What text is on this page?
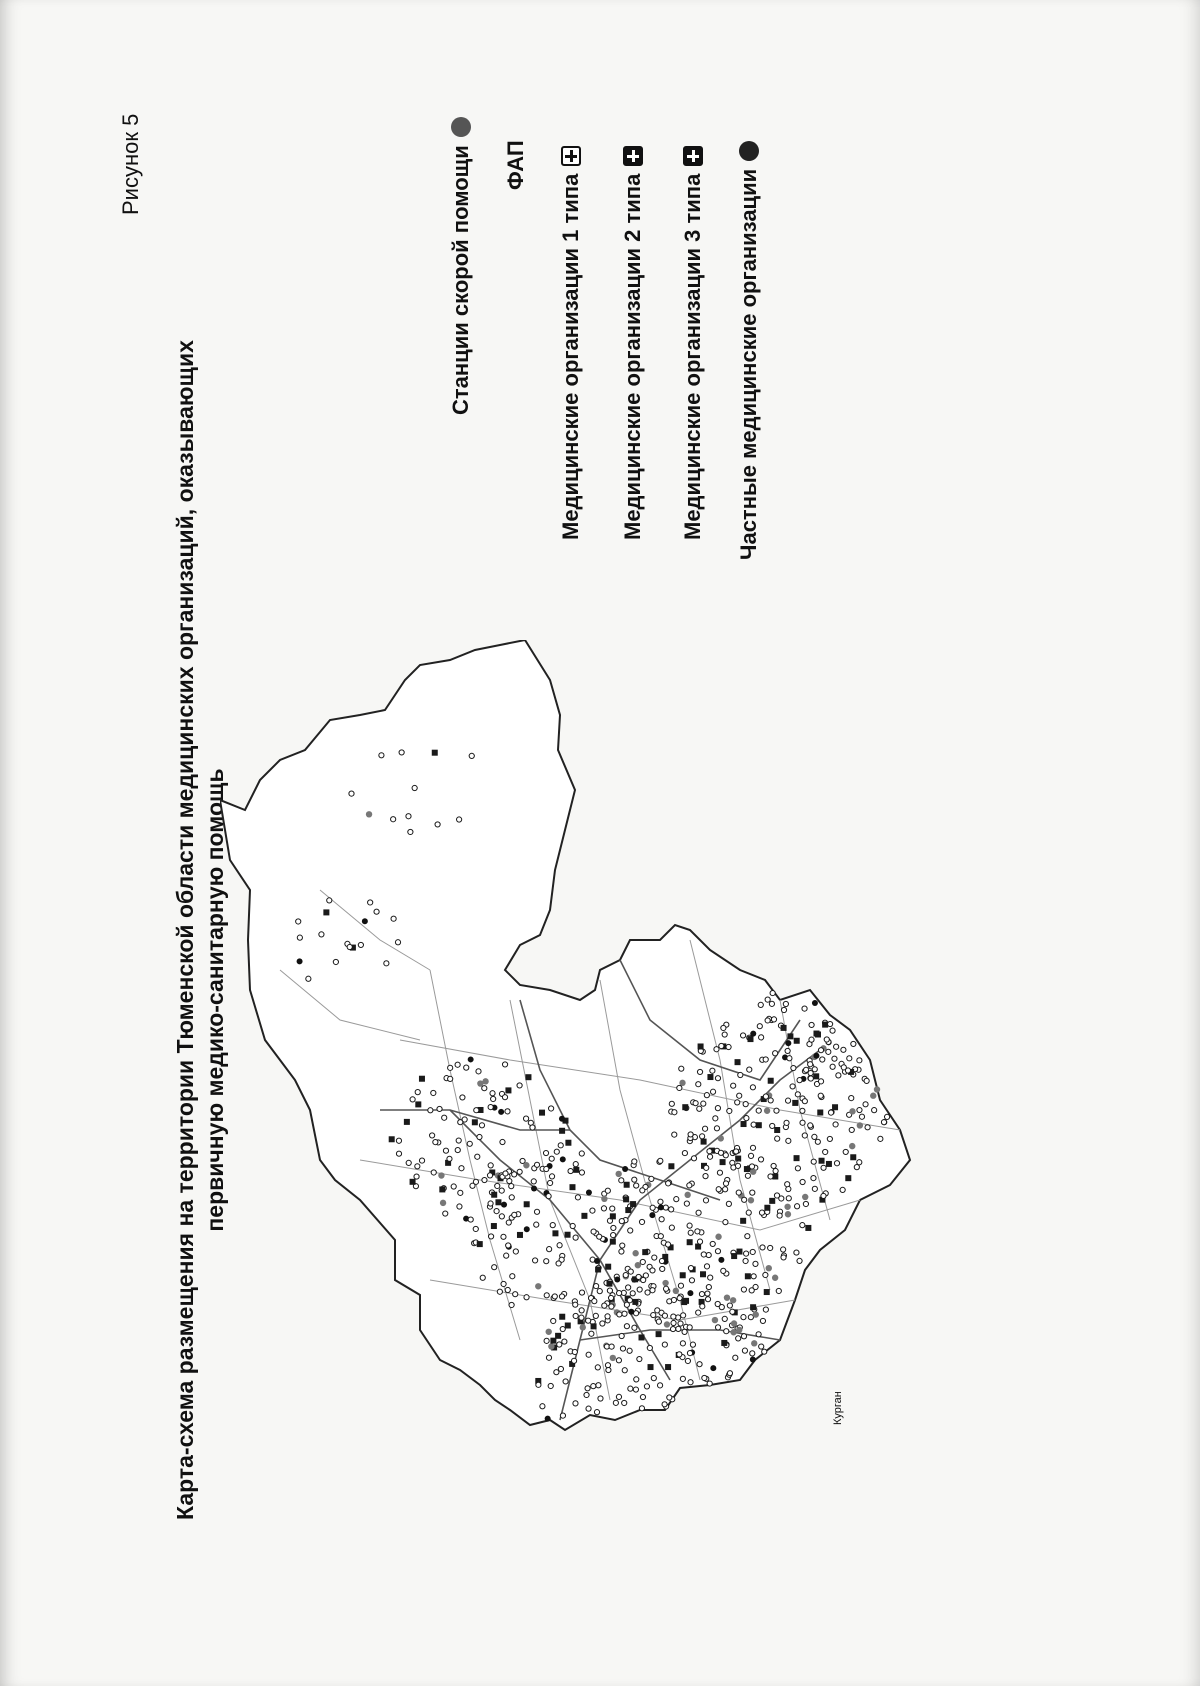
Рисунок 5
Карта-схема размещения на территории Тюменской области медицинских организаций, оказывающих первичную медико-санитарную помощь
Станции скорой помощи ФАП
Медицинские организации 1 типа Медицинские организации 2 типа Медицинские организации 3 типа Частные медицинские организации
Курган
